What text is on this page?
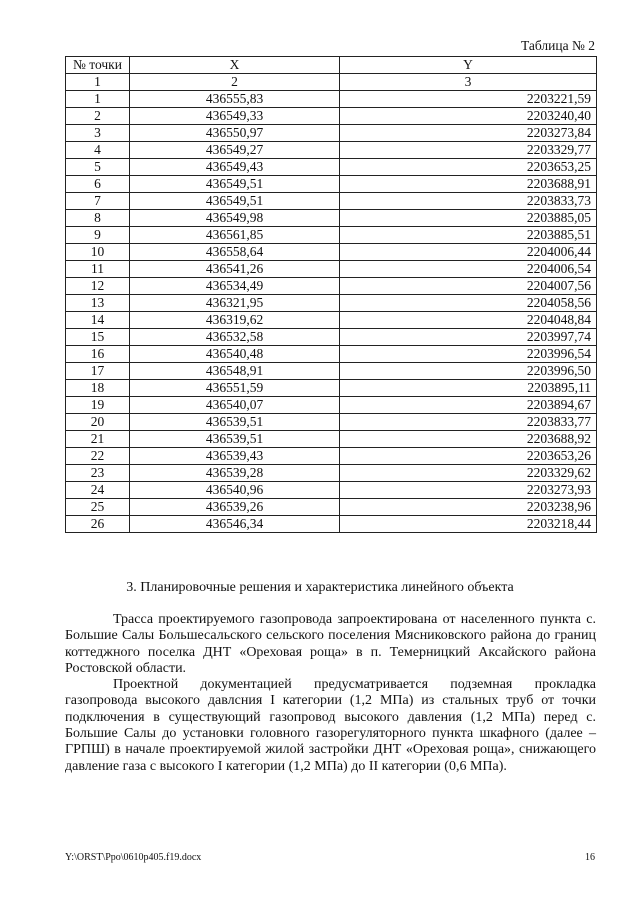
Таблица № 2
№ точки	X	Y
1	2	3
1	436555,83	2203221,59
2	436549,33	2203240,40
3	436550,97	2203273,84
4	436549,27	2203329,77
5	436549,43	2203653,25
6	436549,51	2203688,91
7	436549,51	2203833,73
8	436549,98	2203885,05
9	436561,85	2203885,51
10	436558,64	2204006,44
11	436541,26	2204006,54
12	436534,49	2204007,56
13	436321,95	2204058,56
14	436319,62	2204048,84
15	436532,58	2203997,74
16	436540,48	2203996,54
17	436548,91	2203996,50
18	436551,59	2203895,11
19	436540,07	2203894,67
20	436539,51	2203833,77
21	436539,51	2203688,92
22	436539,43	2203653,26
23	436539,28	2203329,62
24	436540,96	2203273,93
25	436539,26	2203238,96
26	436546,34	2203218,44
3. Планировочные решения и характеристика линейного объекта

Трасса проектируемого газопровода запроектирована от населенного пункта с. Большие Салы Большесальского сельского поселения Мясниковского района до границ коттеджного поселка ДНТ «Ореховая роща» в п. Темерницкий Аксайского района Ростовской области.

Проектной документацией предусматривается подземная прокладка газопровода высокого давлсния I категории (1,2 МПа) из стальных труб от точки подключения в существующий газопровод высокого давления (1,2 МПа) перед с. Большие Салы до установки головного газорегуляторного пункта шкафного (далее – ГРПШ) в начале проектируемой жилой застройки ДНТ «Ореховая роща», снижающего давление газа с высокого I категории (1,2 МПа) до II категории (0,6 МПа).

Y:\ORST\Ppo\0610p405.f19.docx	16
